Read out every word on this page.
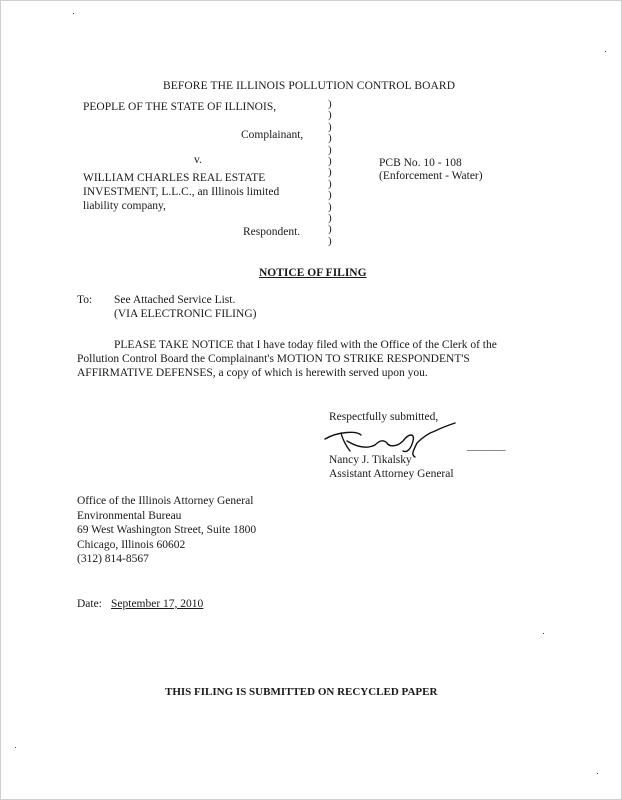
BEFORE THE ILLINOIS POLLUTION CONTROL BOARD
PEOPLE OF THE STATE OF ILLINOIS,
Complainant,
v.
WILLIAM CHARLES REAL ESTATE
INVESTMENT, L.L.C., an Illinois limited
liability company,
Respondent.
)
)
)
)
)
)
)
)
)
)
)
)
)
PCB No. 10 - 108
(Enforcement - Water)
NOTICE OF FILING
To: See Attached Service List.
(VIA ELECTRONIC FILING)
PLEASE TAKE NOTICE that I have today filed with the Office of the Clerk of the
Pollution Control Board the Complainant's MOTION TO STRIKE RESPONDENT'S
AFFIRMATIVE DEFENSES, a copy of which is herewith served upon you.
Respectfully submitted,
_______
Nancy J. Tikalsky
Assistant Attorney General
Office of the Illinois Attorney General
Environmental Bureau
69 West Washington Street, Suite 1800
Chicago, Illinois 60602
(312) 814-8567
Date: September 17, 2010
THIS FILING IS SUBMITTED ON RECYCLED PAPER
